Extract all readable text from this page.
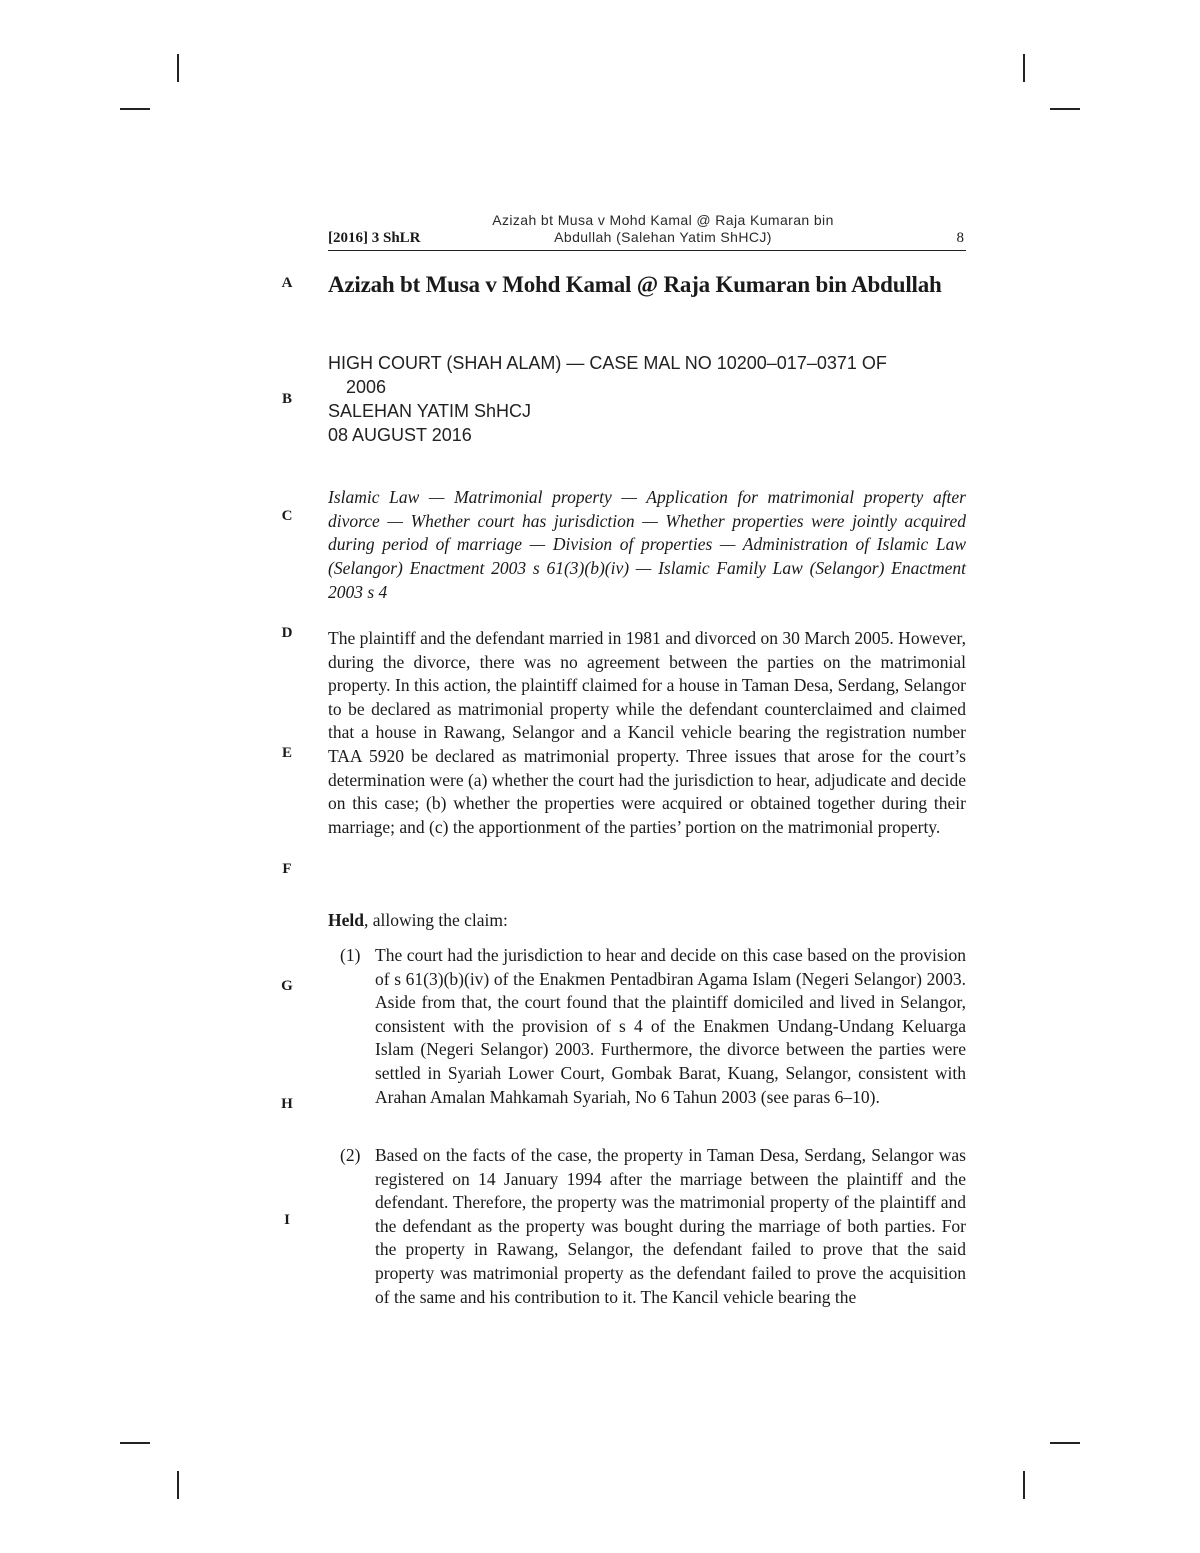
[2016] 3 ShLR
Azizah bt Musa v Mohd Kamal @ Raja Kumaran bin
Abdullah (Salehan Yatim ShHCJ)	8
A
B
C
D
E
F
G
H
I
Azizah bt Musa v Mohd Kamal @ Raja Kumaran bin Abdullah
HIGH COURT (SHAH ALAM) — CASE MAL NO 10200–017–0371 OF
2006
SALEHAN YATIM ShHCJ
08 AUGUST 2016
Islamic Law — Matrimonial property — Application for matrimonial property after divorce — Whether court has jurisdiction — Whether properties were jointly acquired during period of marriage — Division of properties — Administration of Islamic Law (Selangor) Enactment 2003 s 61(3)(b)(iv) — Islamic Family Law (Selangor) Enactment 2003 s 4
The plaintiff and the defendant married in 1981 and divorced on 30 March 2005. However, during the divorce, there was no agreement between the parties on the matrimonial property. In this action, the plaintiff claimed for a house in Taman Desa, Serdang, Selangor to be declared as matrimonial property while the defendant counterclaimed and claimed that a house in Rawang, Selangor and a Kancil vehicle bearing the registration number TAA 5920 be declared as matrimonial property. Three issues that arose for the court’s determination were (a) whether the court had the jurisdiction to hear, adjudicate and decide on this case; (b) whether the properties were acquired or obtained together during their marriage; and (c) the apportionment of the parties’ portion on the matrimonial property.
Held, allowing the claim:
(1) The court had the jurisdiction to hear and decide on this case based on the provision of s 61(3)(b)(iv) of the Enakmen Pentadbiran Agama Islam (Negeri Selangor) 2003. Aside from that, the court found that the plaintiff domiciled and lived in Selangor, consistent with the provision of s 4 of the Enakmen Undang-Undang Keluarga Islam (Negeri Selangor) 2003. Furthermore, the divorce between the parties were settled in Syariah Lower Court, Gombak Barat, Kuang, Selangor, consistent with Arahan Amalan Mahkamah Syariah, No 6 Tahun 2003 (see paras 6–10).
(2) Based on the facts of the case, the property in Taman Desa, Serdang, Selangor was registered on 14 January 1994 after the marriage between the plaintiff and the defendant. Therefore, the property was the matrimonial property of the plaintiff and the defendant as the property was bought during the marriage of both parties. For the property in Rawang, Selangor, the defendant failed to prove that the said property was matrimonial property as the defendant failed to prove the acquisition of the same and his contribution to it. The Kancil vehicle bearing the
